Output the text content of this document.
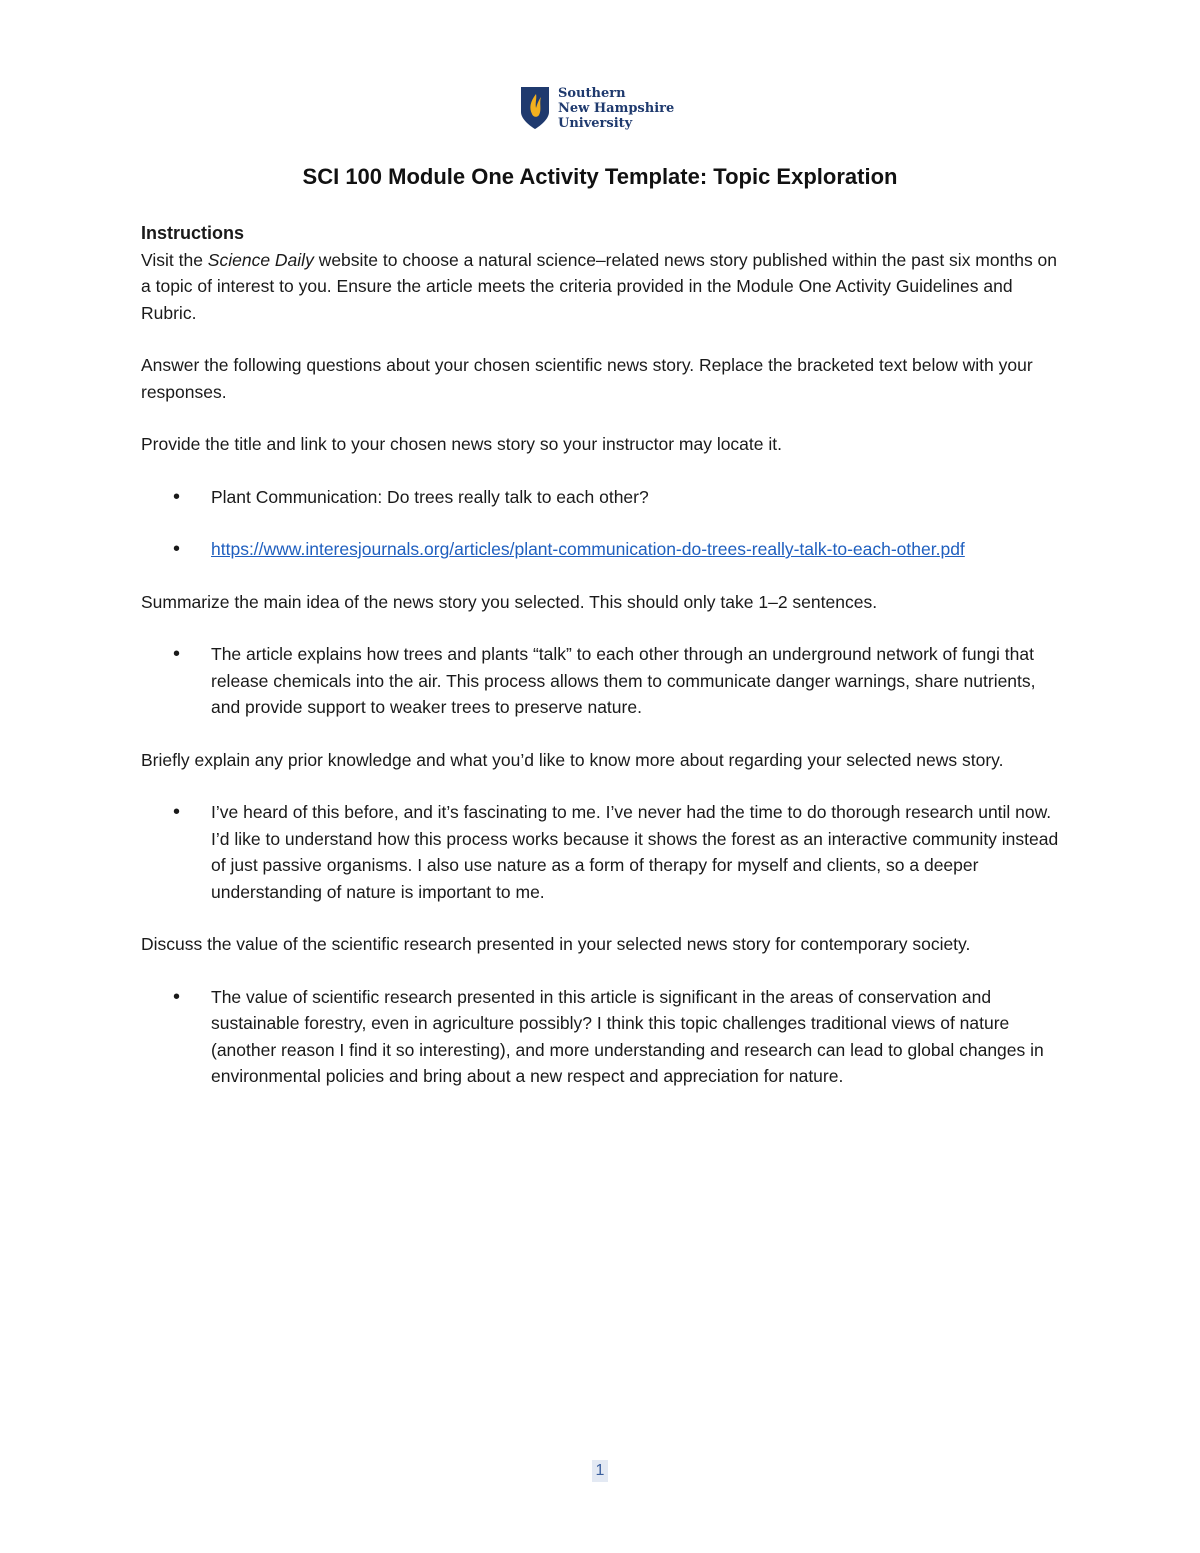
Southern
New Hampshire
University
SCI 100 Module One Activity Template: Topic Exploration
Instructions

Visit the Science Daily website to choose a natural science–related news story published within the past six months on a topic of interest to you. Ensure the article meets the criteria provided in the Module One Activity Guidelines and Rubric.

Answer the following questions about your chosen scientific news story. Replace the bracketed text below with your responses.

Provide the title and link to your chosen news story so your instructor may locate it.

• Plant Communication: Do trees really talk to each other?
• https://www.interesjournals.org/articles/plant-communication-do-trees-really-talk-to-each-other.pdf

Summarize the main idea of the news story you selected. This should only take 1–2 sentences.

• The article explains how trees and plants “talk” to each other through an underground network of fungi that release chemicals into the air. This process allows them to communicate danger warnings, share nutrients, and provide support to weaker trees to preserve nature.

Briefly explain any prior knowledge and what you’d like to know more about regarding your selected news story.

• I’ve heard of this before, and it’s fascinating to me. I’ve never had the time to do thorough research until now. I’d like to understand how this process works because it shows the forest as an interactive community instead of just passive organisms. I also use nature as a form of therapy for myself and clients, so a deeper understanding of nature is important to me.

Discuss the value of the scientific research presented in your selected news story for contemporary society.

• The value of scientific research presented in this article is significant in the areas of conservation and sustainable forestry, even in agriculture possibly? I think this topic challenges traditional views of nature (another reason I find it so interesting), and more understanding and research can lead to global changes in environmental policies and bring about a new respect and appreciation for nature.
1
